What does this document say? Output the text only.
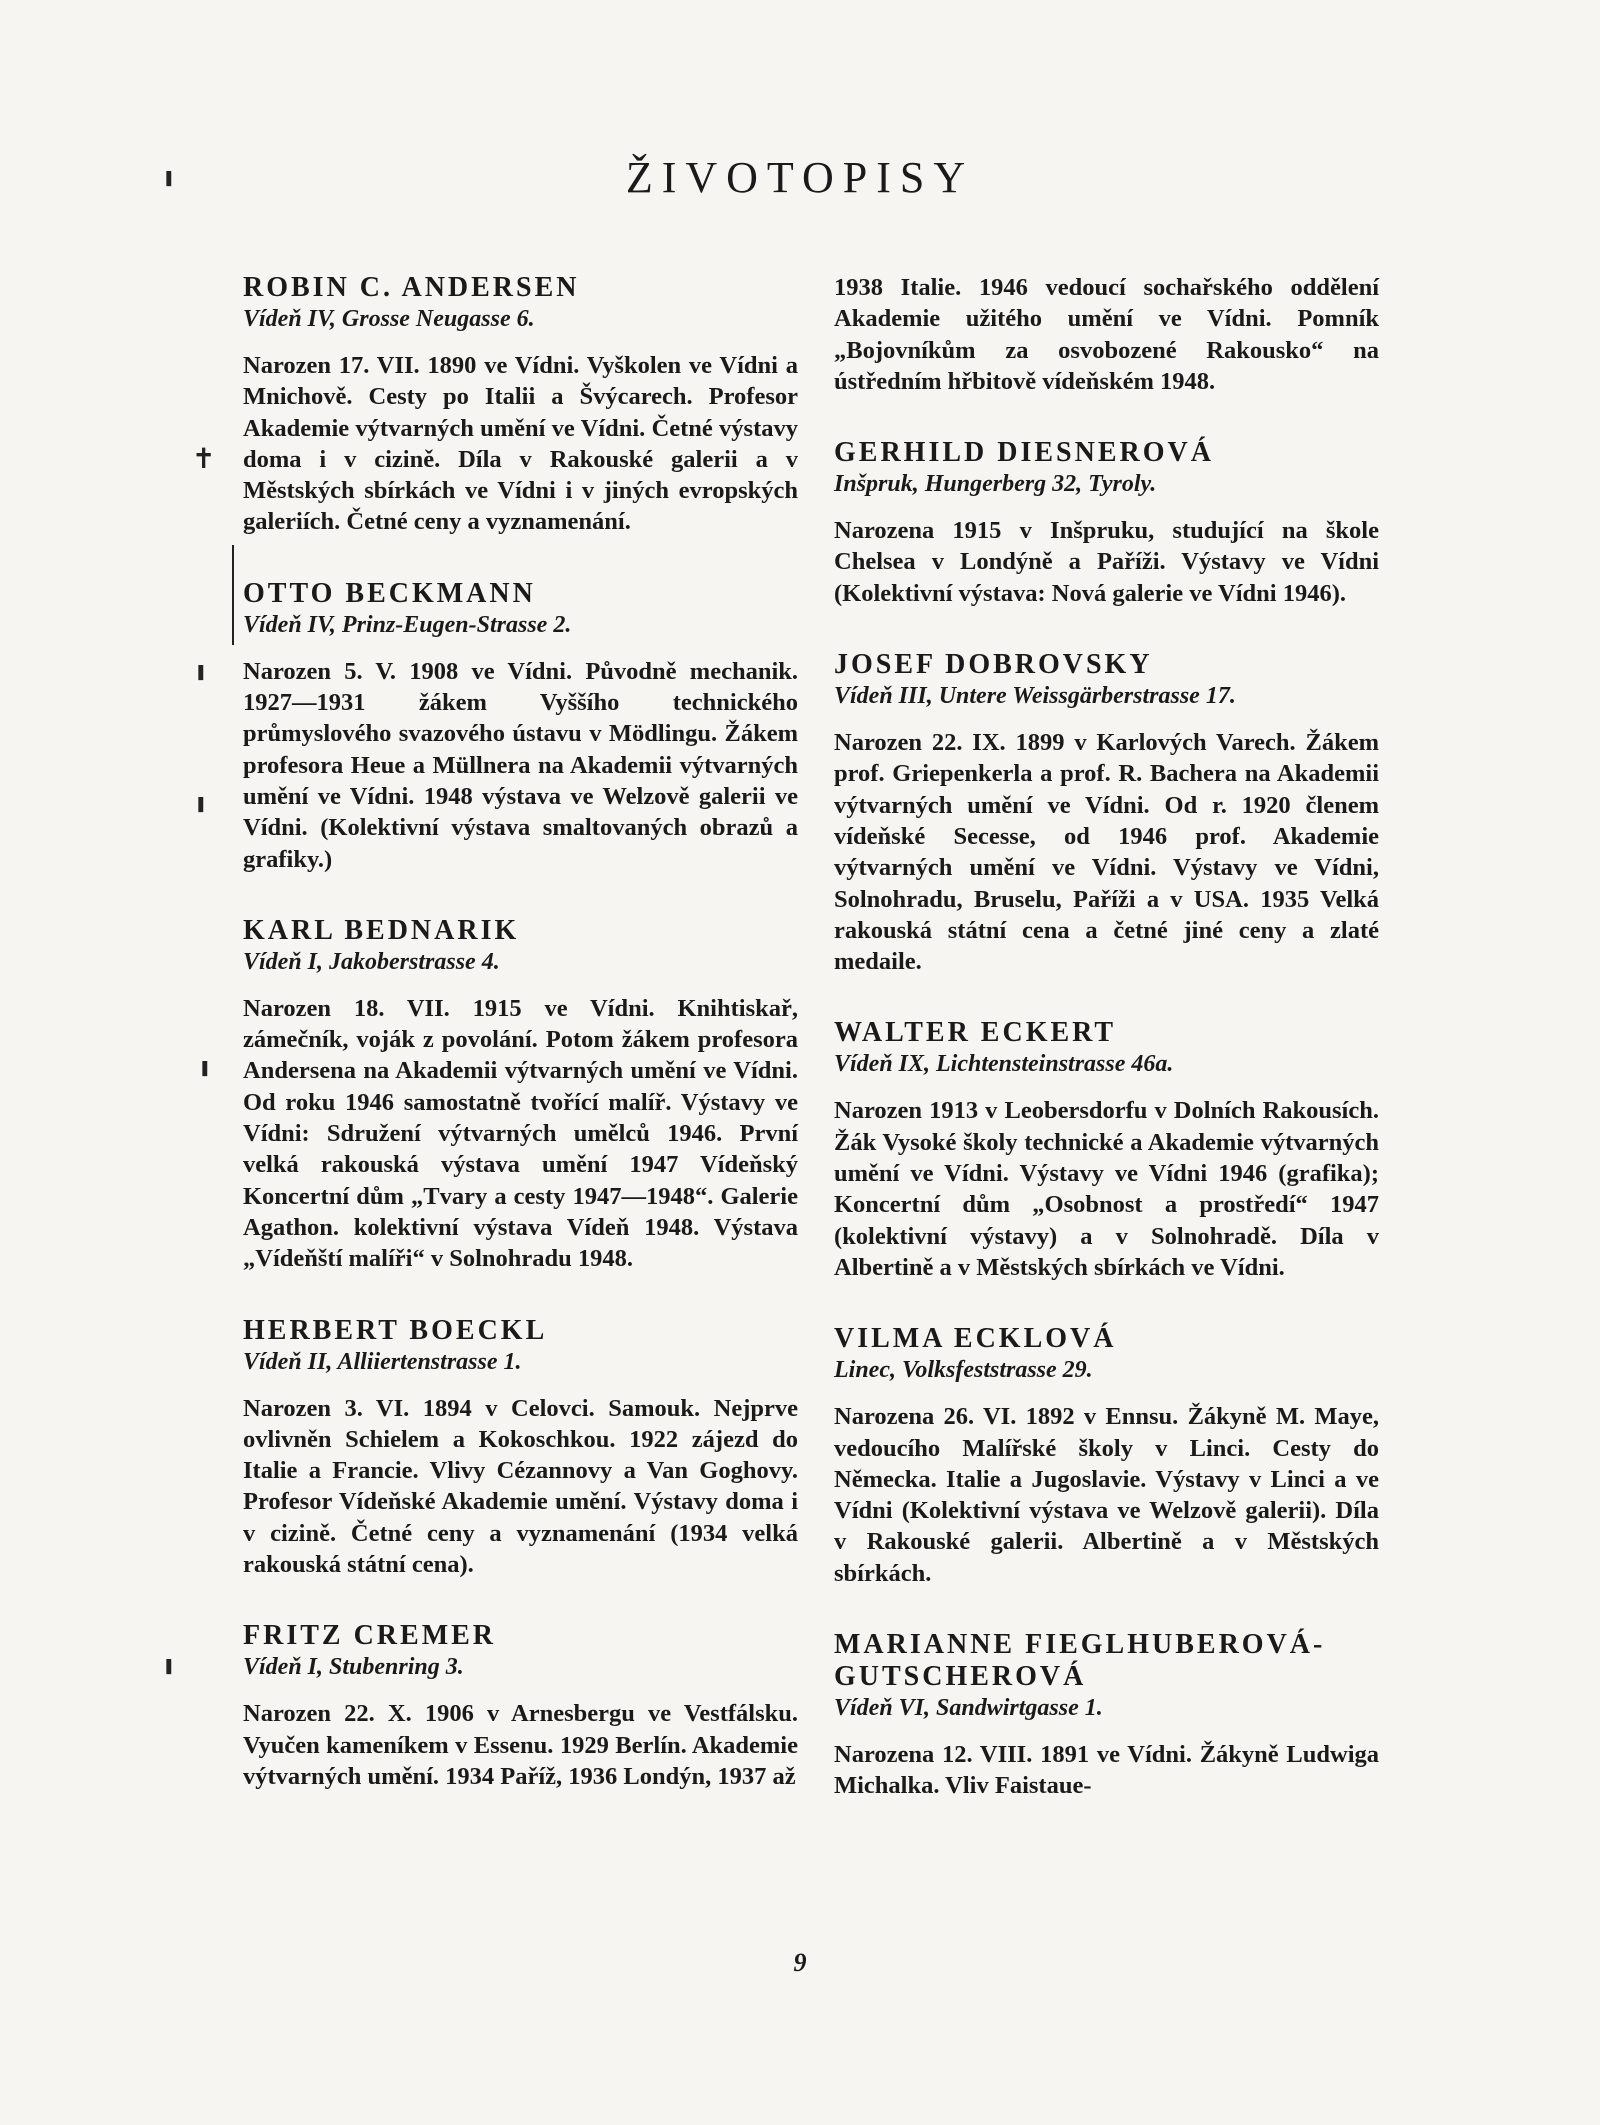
ŽIVOTOPISY
ı
✝
ı
ı
ı
ı
ROBIN C. ANDERSEN
Vídeň IV, Grosse Neugasse 6.
Narozen 17. VII. 1890 ve Vídni. Vyškolen ve Vídni a Mnichově. Cesty po Italii a Švýcarech. Profesor Akademie výtvarných umění ve Vídni. Četné výstavy doma i v cizině. Díla v Rakouské galerii a v Městských sbírkách ve Vídni i v jiných evropských galeriích. Četné ceny a vyznamenání.
OTTO BECKMANN
Vídeň IV, Prinz-Eugen-Strasse 2.
Narozen 5. V. 1908 ve Vídni. Původně mechanik. 1927—1931 žákem Vyššího technického průmyslového svazového ústavu v Mödlingu. Žákem profesora Heue a Müllnera na Akademii výtvarných umění ve Vídni. 1948 výstava ve Welzově galerii ve Vídni. (Kolektivní výstava smaltovaných obrazů a grafiky.)
KARL BEDNARIK
Vídeň I, Jakoberstrasse 4.
Narozen 18. VII. 1915 ve Vídni. Knihtiskař, zámečník, voják z povolání. Potom žákem profesora Andersena na Akademii výtvarných umění ve Vídni. Od roku 1946 samostatně tvořící malíř. Výstavy ve Vídni: Sdružení výtvarných umělců 1946. První velká rakouská výstava umění 1947 Vídeňský Koncertní dům „Tvary a cesty 1947—1948“. Galerie Agathon. kolektivní výstava Vídeň 1948. Výstava „Vídeňští malíři“ v Solnohradu 1948.
HERBERT BOECKL
Vídeň II, Alliiertenstrasse 1.
Narozen 3. VI. 1894 v Celovci. Samouk. Nejprve ovlivněn Schielem a Kokoschkou. 1922 zájezd do Italie a Francie. Vlivy Cézannovy a Van Goghovy. Profesor Vídeňské Akademie umění. Výstavy doma i v cizině. Četné ceny a vyznamenání (1934 velká rakouská státní cena).
FRITZ CREMER
Vídeň I, Stubenring 3.
Narozen 22. X. 1906 v Arnesbergu ve Vestfálsku. Vyučen kameníkem v Essenu. 1929 Berlín. Akademie výtvarných umění. 1934 Paříž, 1936 Londýn, 1937 až
1938 Italie. 1946 vedoucí sochařského oddělení Akademie užitého umění ve Vídni. Pomník „Bojovníkům za osvobozené Rakousko“ na ústředním hřbitově vídeňském 1948.
GERHILD DIESNEROVÁ
Inšpruk, Hungerberg 32, Tyroly.
Narozena 1915 v Inšpruku, studující na škole Chelsea v Londýně a Paříži. Výstavy ve Vídni (Kolektivní výstava: Nová galerie ve Vídni 1946).
JOSEF DOBROVSKY
Vídeň III, Untere Weissgärberstrasse 17.
Narozen 22. IX. 1899 v Karlových Varech. Žákem prof. Griepenkerla a prof. R. Bachera na Akademii výtvarných umění ve Vídni. Od r. 1920 členem vídeňské Secesse, od 1946 prof. Akademie výtvarných umění ve Vídni. Výstavy ve Vídni, Solnohradu, Bruselu, Paříži a v USA. 1935 Velká rakouská státní cena a četné jiné ceny a zlaté medaile.
WALTER ECKERT
Vídeň IX, Lichtensteinstrasse 46a.
Narozen 1913 v Leobersdorfu v Dolních Rakousích. Žák Vysoké školy technické a Akademie výtvarných umění ve Vídni. Výstavy ve Vídni 1946 (grafika); Koncertní dům „Osobnost a prostředí“ 1947 (kolektivní výstavy) a v Solnohradě. Díla v Albertině a v Městských sbírkách ve Vídni.
VILMA ECKLOVÁ
Linec, Volksfeststrasse 29.
Narozena 26. VI. 1892 v Ennsu. Žákyně M. Maye, vedoucího Malířské školy v Linci. Cesty do Německa. Italie a Jugoslavie. Výstavy v Linci a ve Vídni (Kolektivní výstava ve Welzově galerii). Díla v Rakouské galerii. Albertině a v Městských sbírkách.
MARIANNE FIEGLHUBEROVÁ-GUTSCHEROVÁ
Vídeň VI, Sandwirtgasse 1.
Narozena 12. VIII. 1891 ve Vídni. Žákyně Ludwiga Michalka. Vliv Faistaue-
9
